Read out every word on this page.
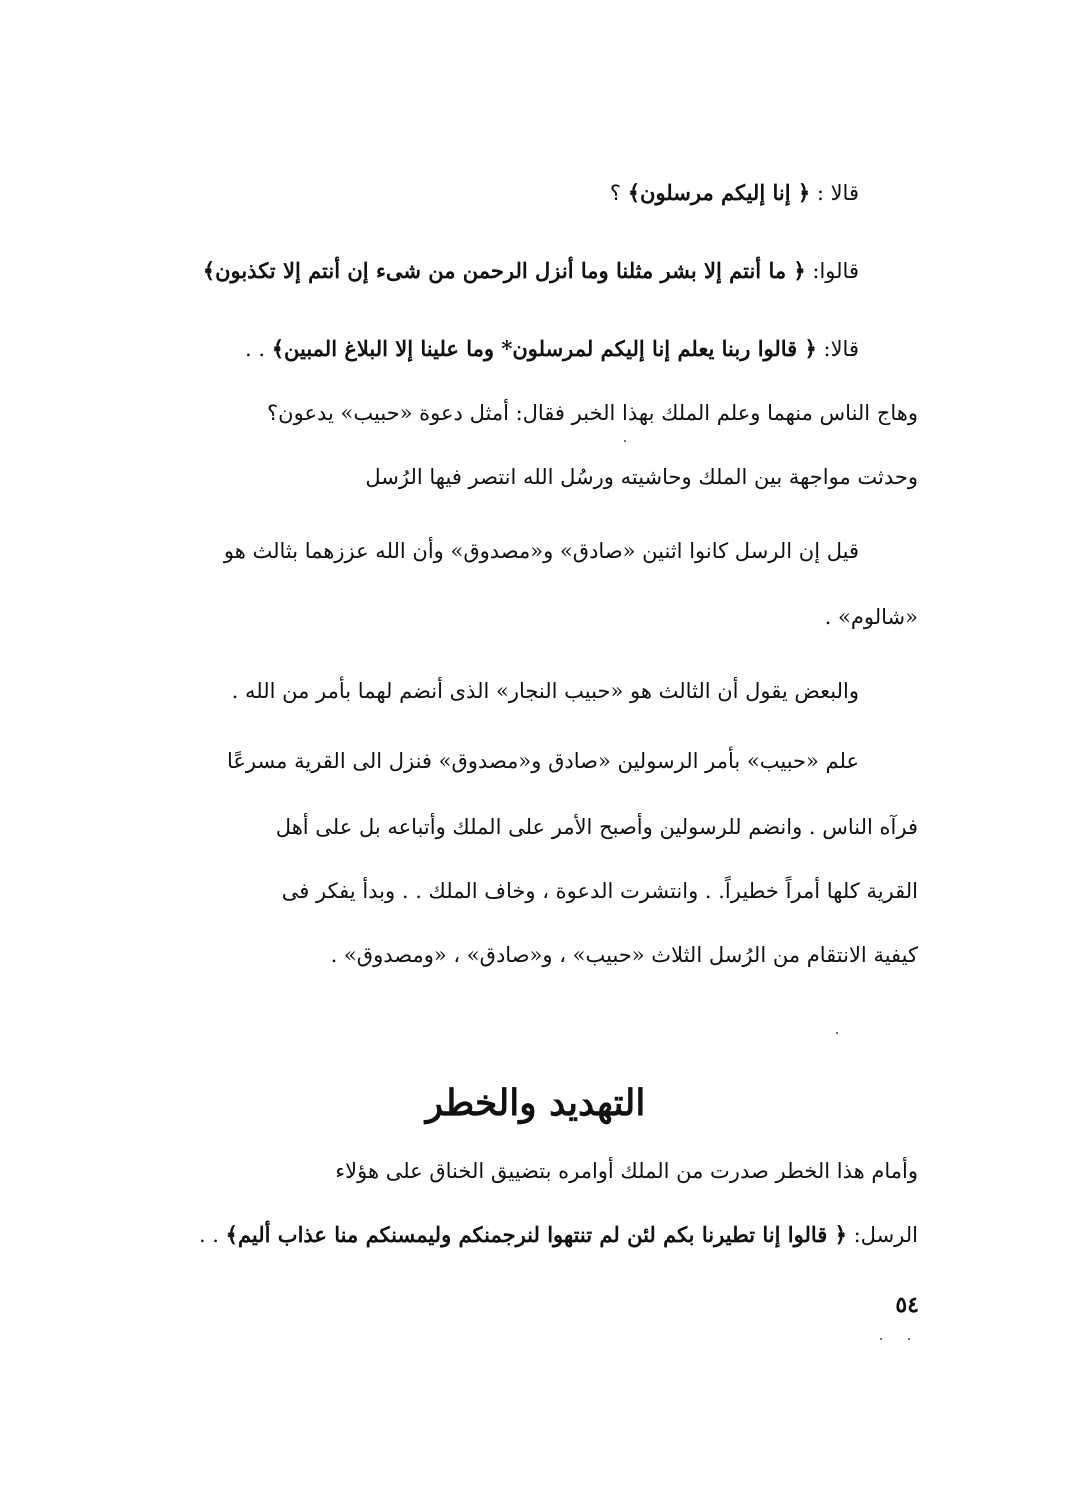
قالا : ﴿ إنا إليكم مرسلون﴾ ؟
قالوا: ﴿ ما أنتم إلا بشر مثلنا وما أنزل الرحمن من شىء إن أنتم إلا تكذبون﴾
قالا: ﴿ قالوا ربنا يعلم إنا إليكم لمرسلون* وما علينا إلا البلاغ المبين﴾ . .
وهاج الناس منهما وعلم الملك بهذا الخبر فقال: أمثل دعوة «حبيب» يدعون؟
وحدثت مواجهة بين الملك وحاشيته ورسُل الله انتصر فيها الرُسل
قيل إن الرسل كانوا اثنين «صادق» و«مصدوق» وأن الله عززهما بثالث هو
«شالوم» .
والبعض يقول أن الثالث هو «حبيب النجار» الذى أنضم لهما بأمر من الله .
علم «حبيب» بأمر الرسولين «صادق و«مصدوق» فنزل الى القرية مسرعًا
فرآه الناس . وانضم للرسولين وأصبح الأمر على الملك وأتباعه بل على أهل
القرية كلها أمراً خطيراً. . وانتشرت الدعوة ، وخاف الملك . . وبدأ يفكر فى
كيفية الانتقام من الرُسل الثلاث «حبيب» ، و«صادق» ، «ومصدوق» .
التهديد والخطر
وأمام هذا الخطر صدرت من الملك أوامره بتضييق الخناق على هؤلاء
الرسل: ﴿ قالوا إنا تطيرنا بكم لئن لم تنتهوا لنرجمنكم وليمسنكم منا عذاب أليم﴾ . .
٥٤
